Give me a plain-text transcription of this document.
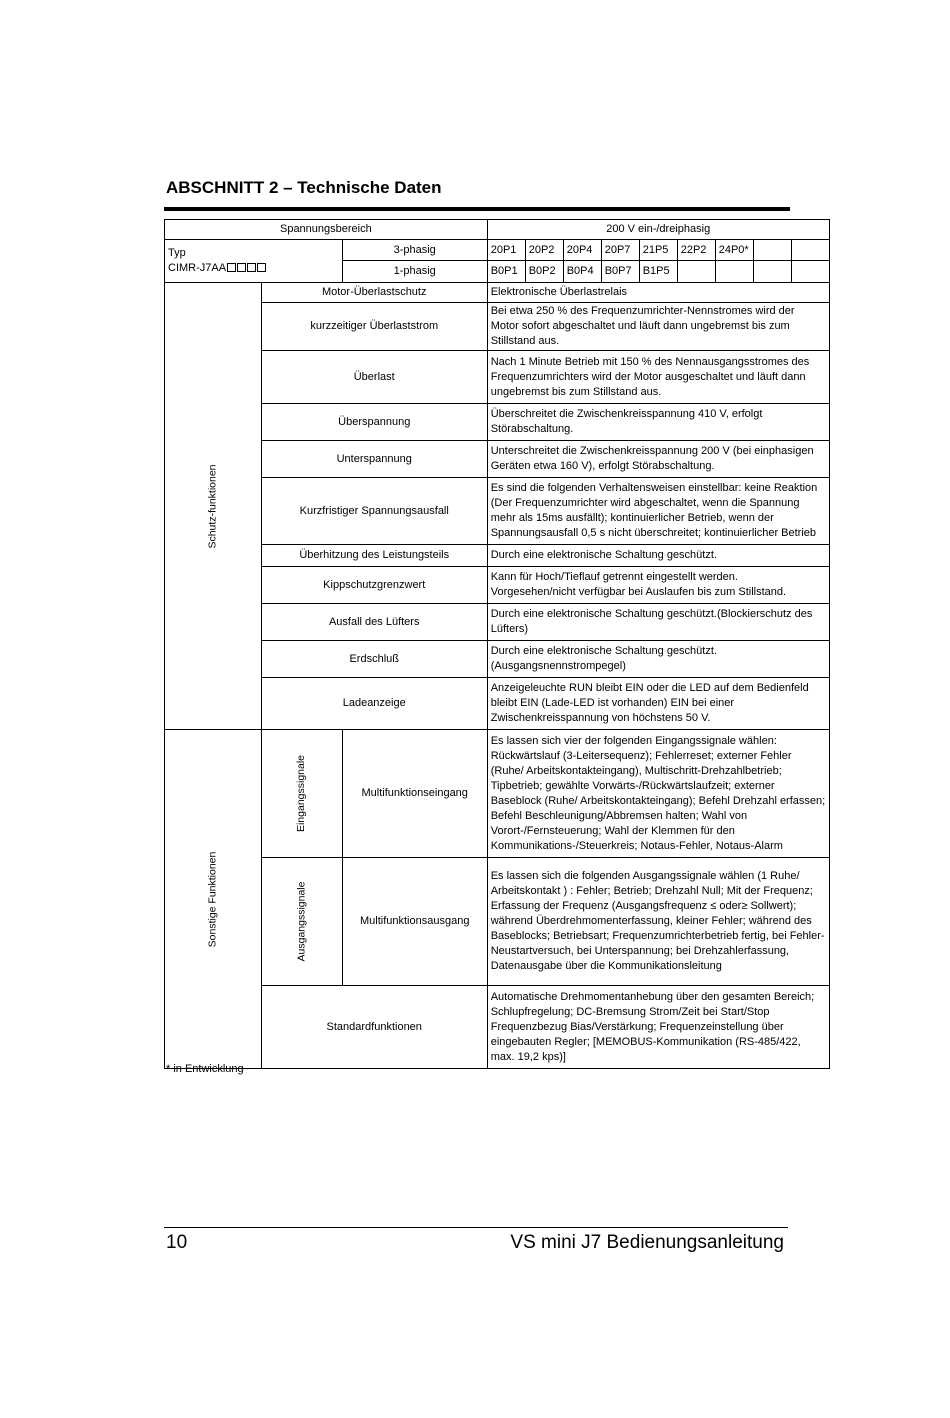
ABSCHNITT 2 – Technische Daten
Spannungsbereich			200 V ein-/dreiphasig								

Typ
CIMR-J7AA		3-phasig	20P1	20P2	20P4	20P7	21P5	22P2	24P0*		
		1-phasig	B0P1	B0P2	B0P4	B0P7	B1P5				
Schutz-funktionen	Motor-Überlastschutz		Elektronische Überlastrelais								
	kurzzeitiger Überlaststrom		Bei etwa 250 % des Frequenzumrichter-Nennstromes wird der Motor sofort abgeschaltet und läuft dann ungebremst bis zum Stillstand aus.								
	Überlast		Nach 1 Minute Betrieb mit 150 % des Nennausgangsstromes des Frequenzumrichters wird der Motor ausgeschaltet und läuft dann ungebremst bis zum Stillstand aus.								
	Überspannung		Überschreitet die Zwischenkreisspannung 410 V, erfolgt Störabschaltung.								
	Unterspannung		Unterschreitet die Zwischenkreisspannung 200 V (bei einphasigen Geräten etwa 160 V), erfolgt Störabschaltung.								
	Kurzfristiger Spannungsausfall		Es sind die folgenden Verhaltensweisen einstellbar: keine Reaktion (Der Frequenzumrichter wird abgeschaltet, wenn die Spannung mehr als 15ms ausfällt); kontinuierlicher Betrieb, wenn der Spannungsausfall 0,5 s nicht überschreitet; kontinuierlicher Betrieb								
	Überhitzung des Leistungsteils		Durch eine elektronische Schaltung geschützt.								
	Kippschutzgrenzwert		Kann für Hoch/Tieflauf getrennt eingestellt werden. Vorgesehen/nicht verfügbar bei Auslaufen bis zum Stillstand.								
	Ausfall des Lüfters		Durch eine elektronische Schaltung geschützt.(Blockierschutz des Lüfters)								
	Erdschluß		Durch eine elektronische Schaltung geschützt. (Ausgangsnennstrompegel)								
	Ladeanzeige		Anzeigeleuchte RUN bleibt EIN oder die LED auf dem Bedienfeld bleibt EIN (Lade-LED ist vorhanden) EIN bei einer Zwischenkreisspannung von höchstens 50 V.								
Sonstige Funktionen	Eingangssignale	Multifunktionseingang	Es lassen sich vier der folgenden Eingangssignale wählen: Rückwärtslauf (3-Leitersequenz); Fehlerreset; externer Fehler (Ruhe/ Arbeitskontakteingang), Multischritt-Drehzahlbetrieb; Tipbetrieb; gewählte Vorwärts-/Rückwärtslaufzeit; externer Baseblock (Ruhe/ Arbeitskontakteingang); Befehl Drehzahl erfassen; Befehl Beschleunigung/Abbremsen halten; Wahl von Vorort-/Fernsteuerung; Wahl der Klemmen für den Kommunikations-/Steuerkreis; Notaus-Fehler, Notaus-Alarm								
	Ausgangssignale	Multifunktionsausgang	Es lassen sich die folgenden Ausgangssignale wählen (1 Ruhe/ Arbeitskontakt ) : Fehler; Betrieb; Drehzahl Null; Mit der Frequenz; Erfassung der Frequenz (Ausgangsfrequenz ≤ oder≥ Sollwert); während Überdrehmomenterfassung, kleiner Fehler; während des Baseblocks; Betriebsart; Frequenzumrichterbetrieb fertig, bei Fehler-Neustartversuch, bei Unterspannung; bei Drehzahlerfassung, Datenausgabe über die Kommunikationsleitung								
	Standardfunktionen		Automatische Drehmomentanhebung über den gesamten Bereich; Schlupfregelung; DC-Bremsung Strom/Zeit bei Start/Stop Frequenzbezug Bias/Verstärkung; Frequenzeinstellung über eingebauten Regler; [MEMOBUS-Kommunikation (RS-485/422, max. 19,2 kps)]								
* in Entwicklung
10	VS mini J7 Bedienungsanleitung
